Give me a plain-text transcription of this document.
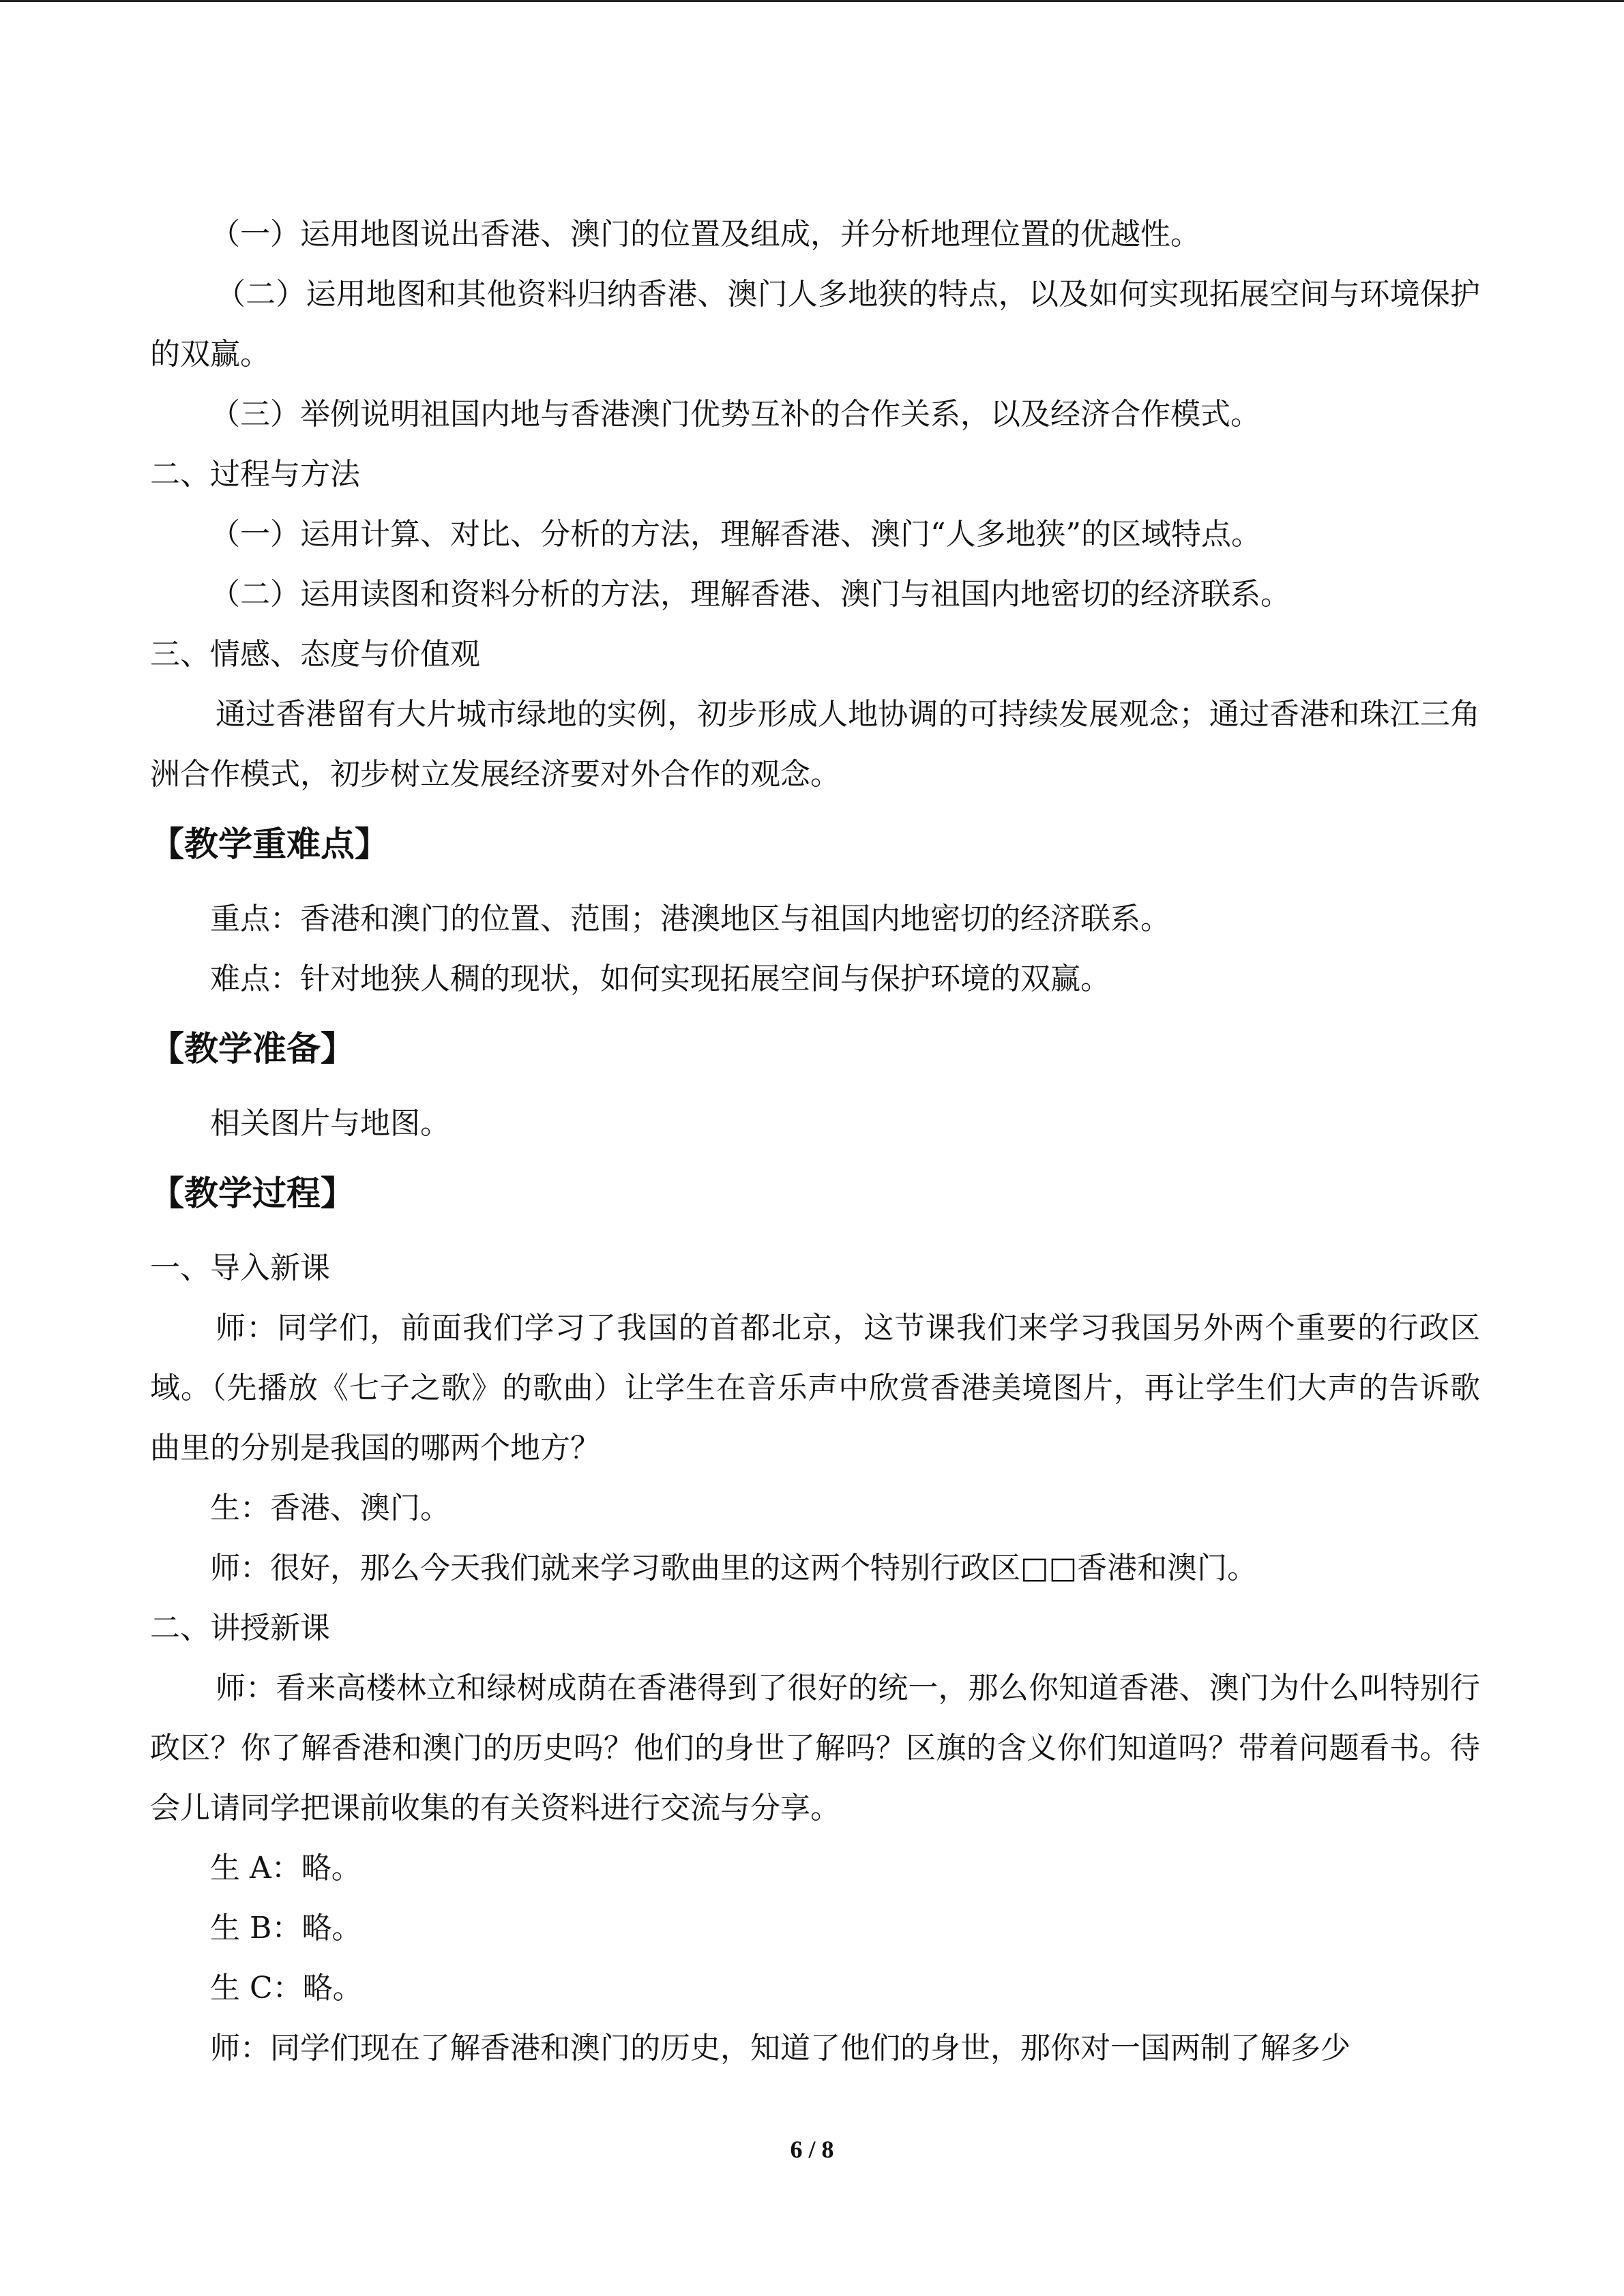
（一）运用地图说出香港、澳门的位置及组成，并分析地理位置的优越性。
（二）运用地图和其他资料归纳香港、澳门人多地狭的特点，以及如何实现拓展空间与环境保护的双赢。
（三）举例说明祖国内地与香港澳门优势互补的合作关系，以及经济合作模式。
二、过程与方法
（一）运用计算、对比、分析的方法，理解香港、澳门“人多地狭”的区域特点。
（二）运用读图和资料分析的方法，理解香港、澳门与祖国内地密切的经济联系。
三、情感、态度与价值观
通过香港留有大片城市绿地的实例，初步形成人地协调的可持续发展观念；通过香港和珠江三角洲合作模式，初步树立发展经济要对外合作的观念。
【教学重难点】
重点：香港和澳门的位置、范围；港澳地区与祖国内地密切的经济联系。
难点：针对地狭人稠的现状，如何实现拓展空间与保护环境的双赢。
【教学准备】
相关图片与地图。
【教学过程】
一、导入新课
师：同学们，前面我们学习了我国的首都北京，这节课我们来学习我国另外两个重要的行政区域。（先播放《七子之歌》的歌曲）让学生在音乐声中欣赏香港美境图片，再让学生们大声的告诉歌曲里的分别是我国的哪两个地方？
生：香港、澳门。
师：很好，那么今天我们就来学习歌曲里的这两个特别行政区□□香港和澳门。
二、讲授新课
师：看来高楼林立和绿树成荫在香港得到了很好的统一，那么你知道香港、澳门为什么叫特别行政区？你了解香港和澳门的历史吗？他们的身世了解吗？区旗的含义你们知道吗？带着问题看书。待会儿请同学把课前收集的有关资料进行交流与分享。
生 A：略。
生 B：略。
生 C：略。
师：同学们现在了解香港和澳门的历史，知道了他们的身世，那你对一国两制了解多少
6 / 8
